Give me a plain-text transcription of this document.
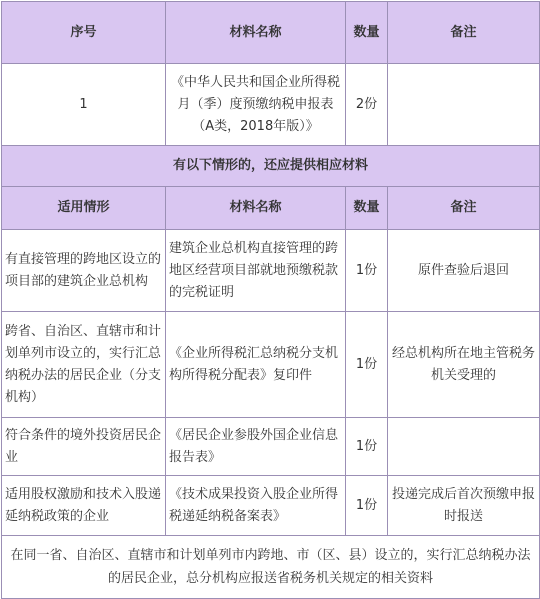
序号	材料名称	数量	备注
1	《中华人民共和国企业所得税月（季）度预缴纳税申报表（A类，2018年版）》	2份	
有以下情形的，还应提供相应材料			
适用情形	材料名称	数量	备注
有直接管理的跨地区设立的项目部的建筑企业总机构	建筑企业总机构直接管理的跨地区经营项目部就地预缴税款的完税证明	1份	原件查验后退回
跨省、自治区、直辖市和计划单列市设立的，实行汇总纳税办法的居民企业（分支机构）	《企业所得税汇总纳税分支机构所得税分配表》复印件	1份	经总机构所在地主管税务机关受理的
符合条件的境外投资居民企业	《居民企业参股外国企业信息报告表》	1份	
适用股权激励和技术入股递延纳税政策的企业	《技术成果投资入股企业所得税递延纳税备案表》	1份	投递完成后首次预缴申报时报送
在同一省、自治区、直辖市和计划单列市内跨地、市（区、县）设立的，实行汇总纳税办法的居民企业，总分机构应报送省税务机关规定的相关资料			
